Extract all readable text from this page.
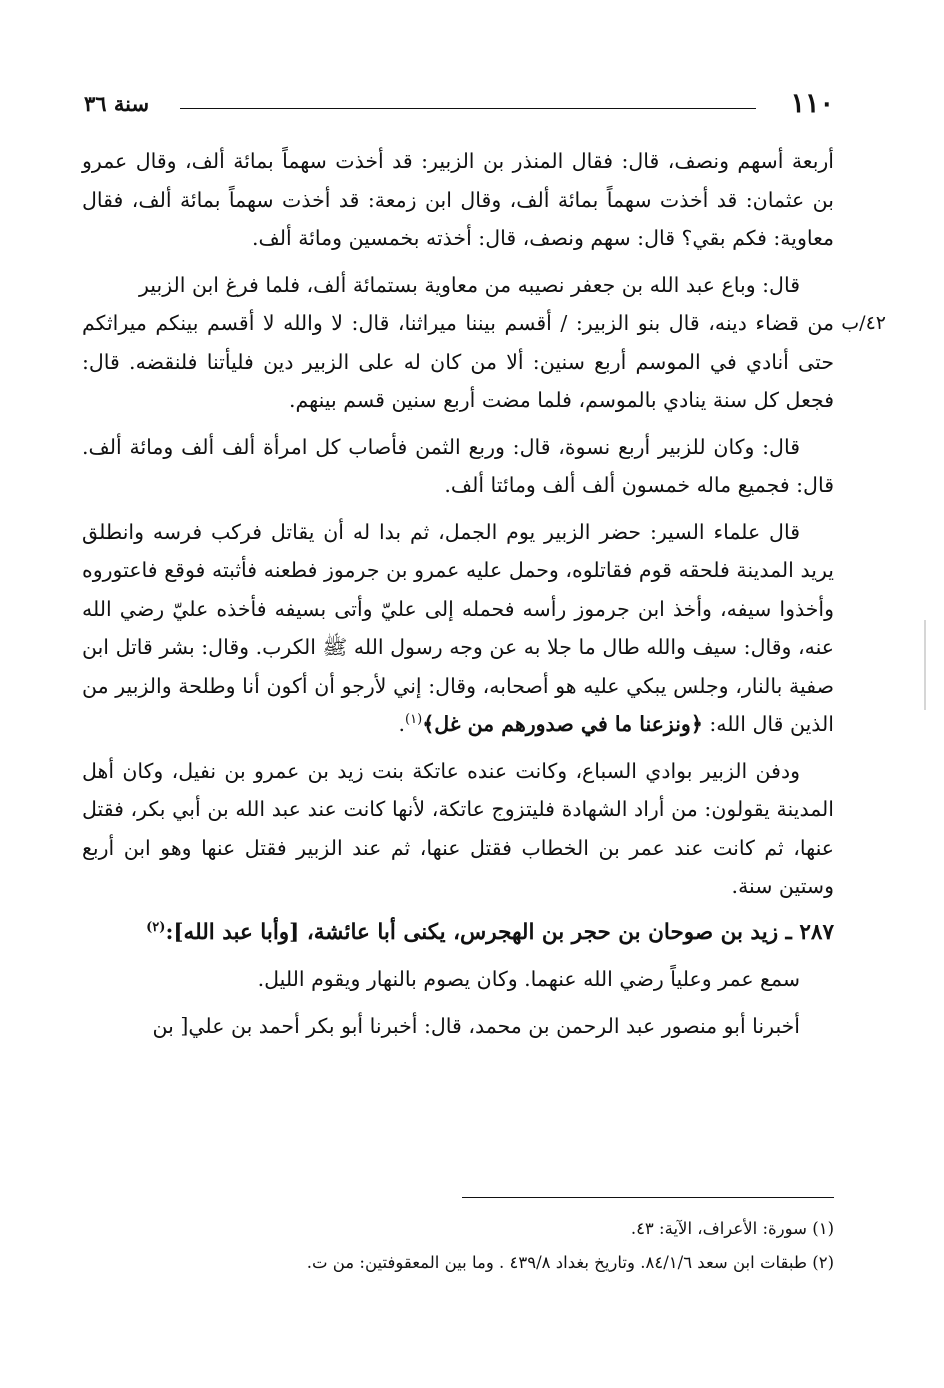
١١٠
سنة ٣٦

أربعة أسهم ونصف، قال: فقال المنذر بن الزبير: قد أخذت سهماً بمائة ألف، وقال عمرو بن عثمان: قد أخذت سهماً بمائة ألف، وقال ابن زمعة: قد أخذت سهماً بمائة ألف، فقال معاوية: فكم بقي؟ قال: سهم ونصف، قال: أخذته بخمسين ومائة ألف.

قال: وباع عبد الله بن جعفر نصيبه من معاوية بستمائة ألف، فلما فرغ ابن الزبير
٤٢/ب
من قضاء دينه، قال بنو الزبير: / أقسم بيننا ميراثنا، قال: لا والله لا أقسم بينكم ميراثكم

حتى أنادي في الموسم أربع سنين: ألا من كان له على الزبير دين فليأتنا فلنقضه. قال: فجعل كل سنة ينادي بالموسم، فلما مضت أربع سنين قسم بينهم.

قال: وكان للزبير أربع نسوة، قال: وربع الثمن فأصاب كل امرأة ألف ألف ومائة ألف. قال: فجميع ماله خمسون ألف ألف ومائتا ألف.

قال علماء السير: حضر الزبير يوم الجمل، ثم بدا له أن يقاتل فركب فرسه وانطلق يريد المدينة فلحقه قوم فقاتلوه، وحمل عليه عمرو بن جرموز فطعنه فأثبته فوقع فاعتوروه وأخذوا سيفه، وأخذ ابن جرموز رأسه فحمله إلى عليّ وأتى بسيفه فأخذه عليّ رضي الله عنه، وقال: سيف والله طال ما جلا به عن وجه رسول الله ﷺ الكرب. وقال: بشر قاتل ابن صفية بالنار، وجلس يبكي عليه هو أصحابه، وقال: إني لأرجو أن أكون أنا وطلحة والزبير من الذين قال الله: ﴿ونزعنا ما في صدورهم من غل﴾$^{(١)}$.

ودفن الزبير بوادي السباع، وكانت عنده عاتكة بنت زيد بن عمرو بن نفيل، وكان أهل المدينة يقولون: من أراد الشهادة فليتزوج عاتكة، لأنها كانت عند عبد الله بن أبي بكر، فقتل عنها، ثم كانت عند عمر بن الخطاب فقتل عنها، ثم عند الزبير فقتل عنها وهو ابن أربع وستين سنة.

٢٨٧ ـ زيد بن صوحان بن حجر بن الهجرس، يكنى أبا عائشة، [وأبا عبد الله]:$^{(٢)}$

سمع عمر وعلياً رضي الله عنهما. وكان يصوم بالنهار ويقوم الليل.

أخبرنا أبو منصور عبد الرحمن بن محمد، قال: أخبرنا أبو بكر أحمد بن علي[ بن

(١) سورة: الأعراف، الآية: ٤٣.

(٢) طبقات ابن سعد ٨٤/١/٦. وتاريخ بغداد ٤٣٩/٨ . وما بين المعقوفتين: من ت.
